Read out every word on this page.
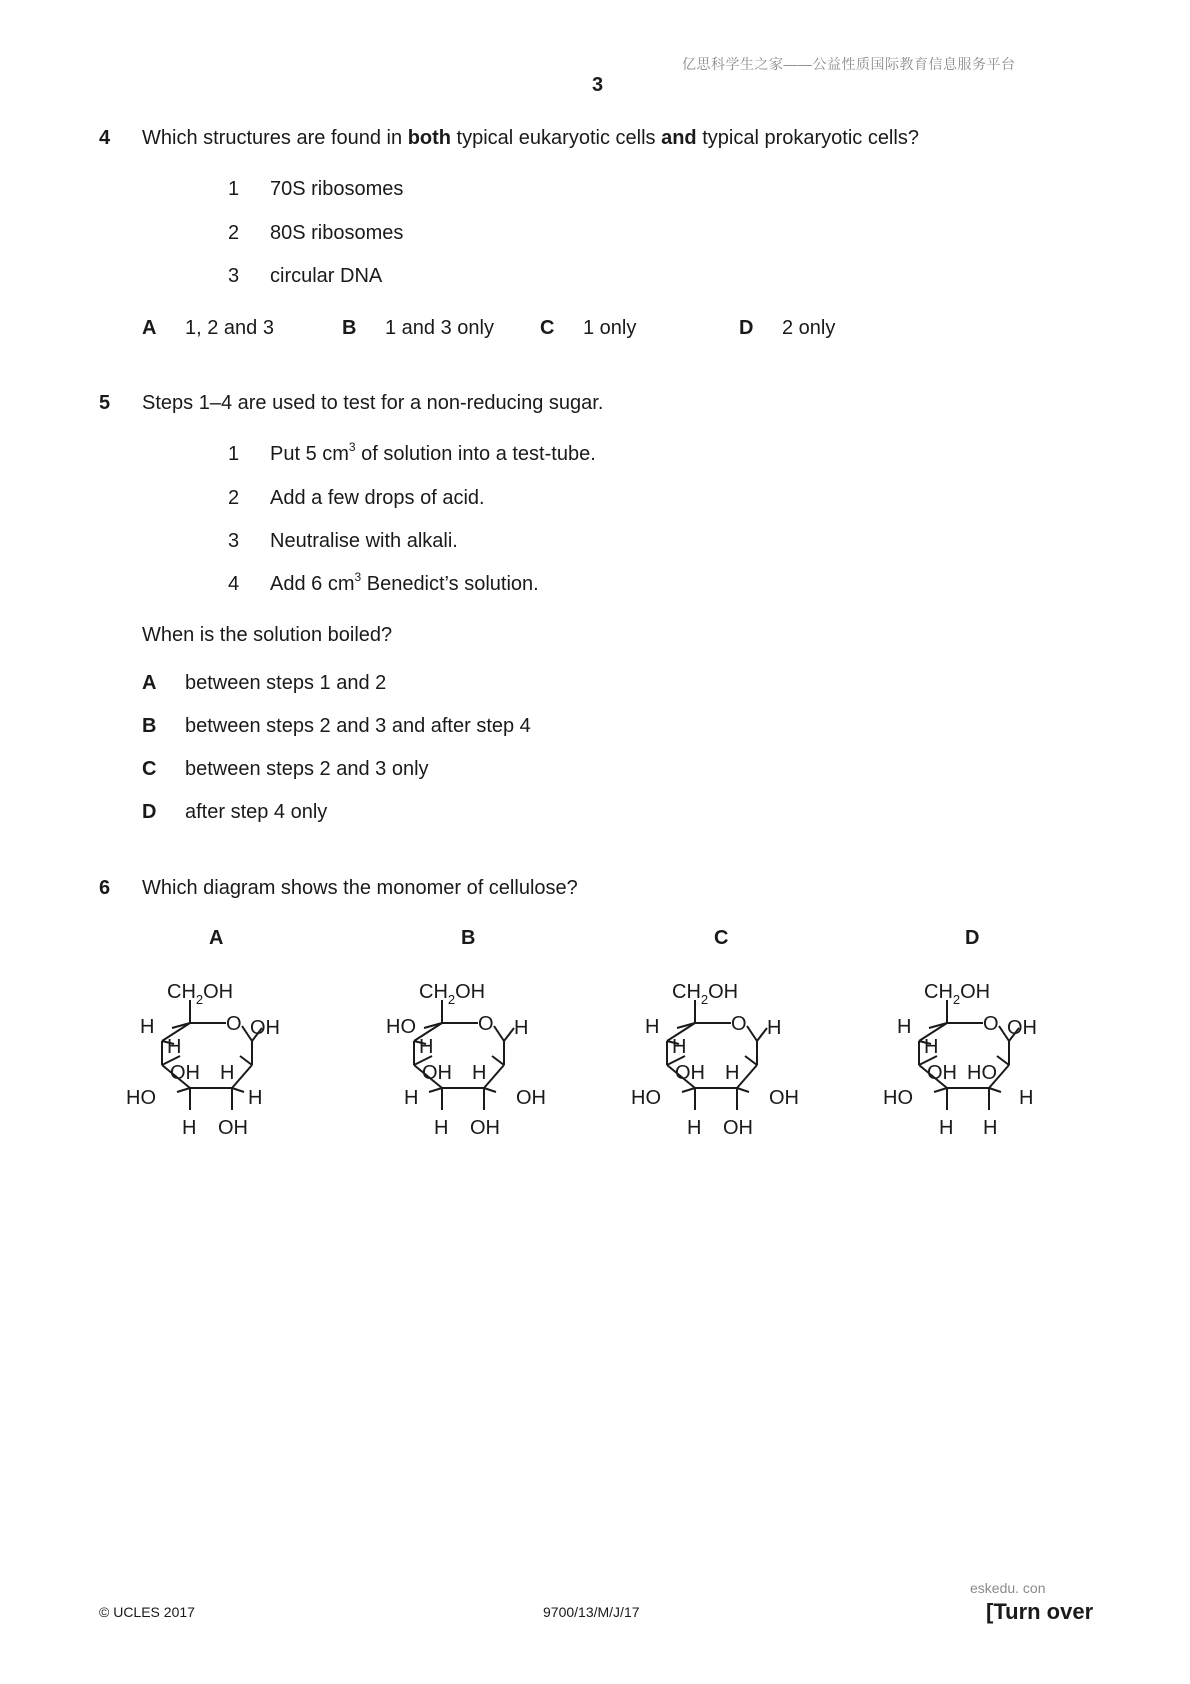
亿思科学生之家——公益性质国际教育信息服务平台
3
4 Which structures are found in both typical eukaryotic cells and typical prokaryotic cells?
1 70S ribosomes
2 80S ribosomes
3 circular DNA
A 1, 2 and 3	B 1 and 3 only C 1 only	D 2 only
5 Steps 1–4 are used to test for a non-reducing sugar.
1 Put 5 $cm^3$ of solution into a test-tube.
2 Add a few drops of acid.
3 Neutralise with alkali.
4 Add 6 $cm^3$ Benedict’s solution.
When is the solution boiled?
A between steps 1 and 2
B between steps 2 and 3 and after step 4
C between steps 2 and 3 only
D after step 4 only
6 Which diagram shows the monomer of cellulose?
A
$CH_2OH$
O
H	OH
H
OH H
HO	H
H OH
B
$CH_2OH$
O
HO	H
H
OH H
H	OH
H OH
C
$CH_2OH$
O
H	H
H
OH H
HO	OH
H OH
D
$CH_2OH$
O
H	OH
H
OH HO
HO	H
H H
eskedu. con
© UCLES 2017	9700/13/M/J/17	[Turn over
